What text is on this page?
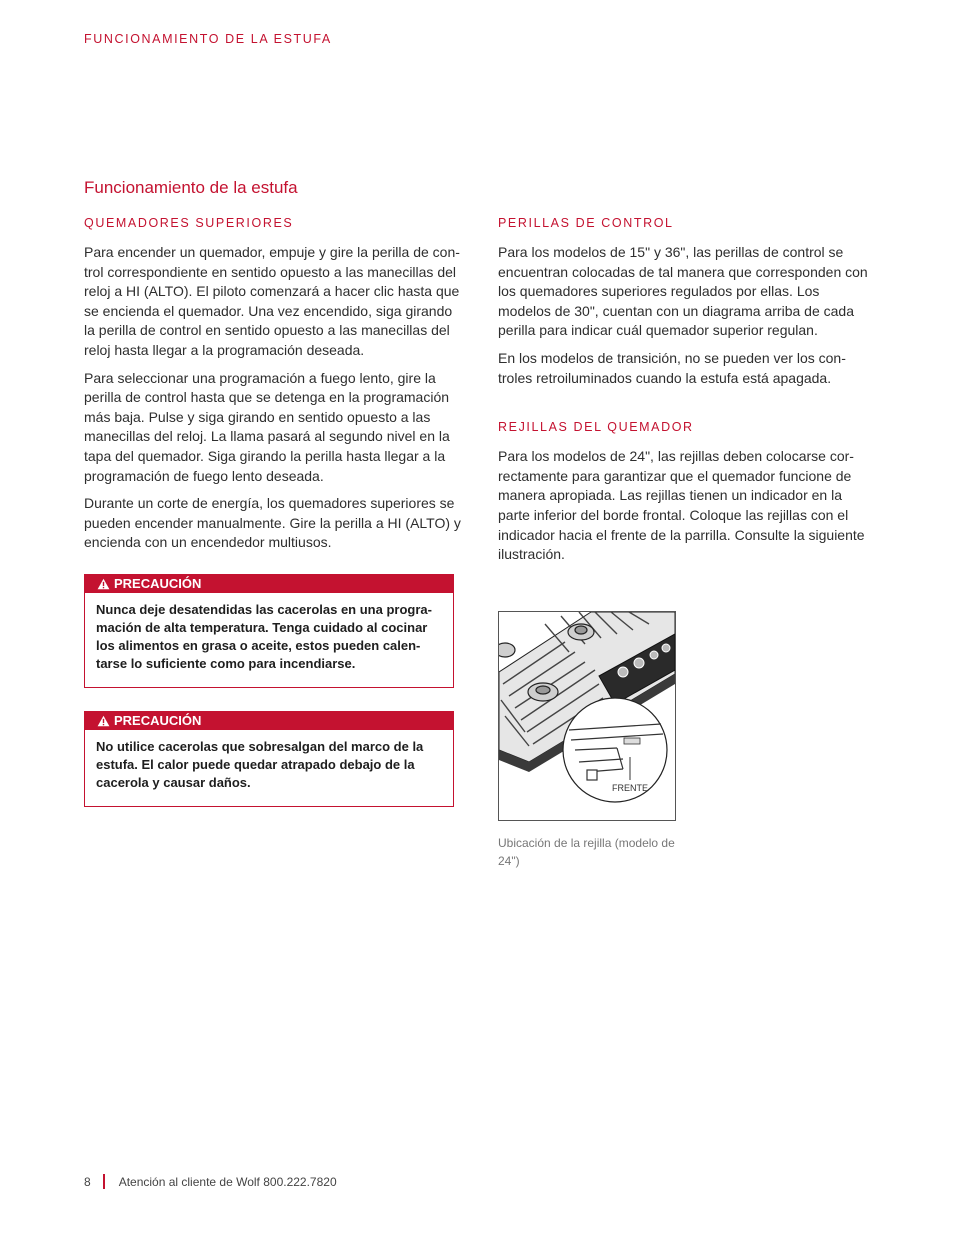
FUNCIONAMIENTO DE LA ESTUFA
Funcionamiento de la estufa
QUEMADORES SUPERIORES

Para encender un quemador, empuje y gire la perilla de con-trol correspondiente en sentido opuesto a las manecillas del reloj a HI (ALTO). El piloto comenzará a hacer clic hasta que se encienda el quemador. Una vez encendido, siga girando la perilla de control en sentido opuesto a las manecillas del reloj hasta llegar a la programación deseada.

Para seleccionar una programación a fuego lento, gire la perilla de control hasta que se detenga en la programación más baja. Pulse y siga girando en sentido opuesto a las manecillas del reloj. La llama pasará al segundo nivel en la tapa del quemador. Siga girando la perilla hasta llegar a la programación de fuego lento deseada.

Durante un corte de energía, los quemadores superiores se pueden encender manualmente. Gire la perilla a HI (ALTO) y encienda con un encendedor multiusos.

PRECAUCIÓN
Nunca deje desatendidas las cacerolas en una progra-mación de alta temperatura. Tenga cuidado al cocinar los alimentos en grasa o aceite, estos pueden calen-tarse lo suficiente como para incendiarse.
PRECAUCIÓN
No utilice cacerolas que sobresalgan del marco de la estufa. El calor puede quedar atrapado debajo de la cacerola y causar daños.
PERILLAS DE CONTROL

Para los modelos de 15" y 36", las perillas de control se encuentran colocadas de tal manera que corresponden con los quemadores superiores regulados por ellas. Los modelos de 30", cuentan con un diagrama arriba de cada perilla para indicar cuál quemador superior regulan.

En los modelos de transición, no se pueden ver los con-troles retroiluminados cuando la estufa está apagada.

REJILLAS DEL QUEMADOR

Para los modelos de 24", las rejillas deben colocarse cor-rectamente para garantizar que el quemador funcione de manera apropiada. Las rejillas tienen un indicador en la parte inferior del borde frontal. Coloque las rejillas con el indicador hacia el frente de la parrilla. Consulte la siguiente ilustración.

FRENTE
Ubicación de la rejilla (modelo de 24")
8 Atención al cliente de Wolf 800.222.7820
